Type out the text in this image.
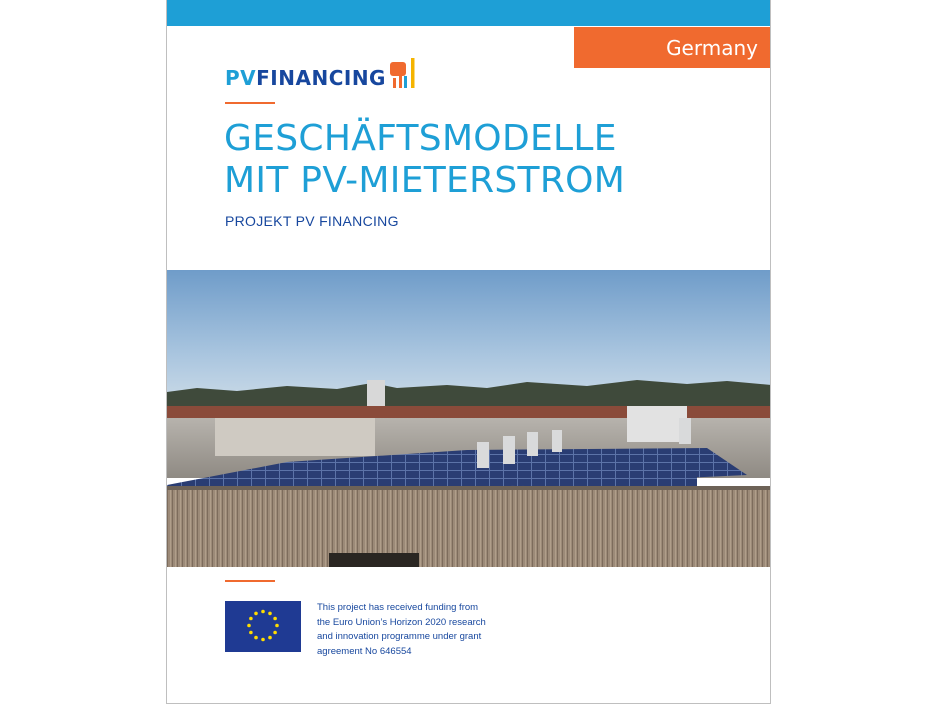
Germany
PVFINANCING
GESCHÄFTSMODELLE
MIT PV-MIETERSTROM
PROJEKT PV FINANCING
This project has received funding from
the Euro Union’s Horizon 2020 research
and innovation programme under grant
agreement No 646554
